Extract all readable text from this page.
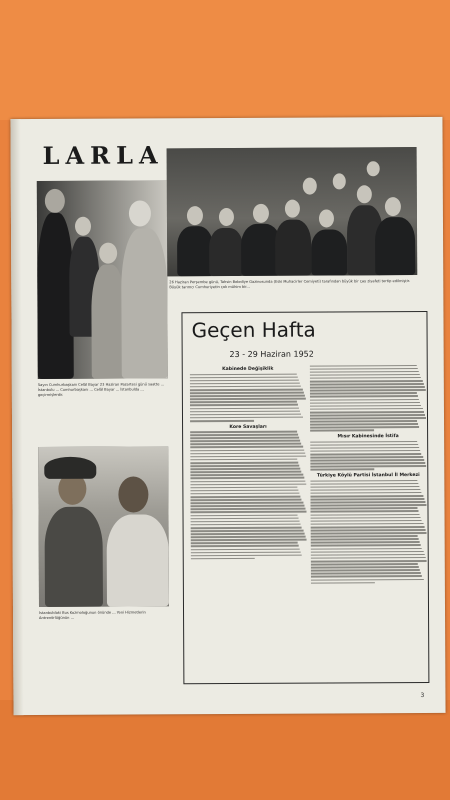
LARLA
26 Haziran Perşembe günü, Tahsin Belediye Gazinosunda (Eski Muhacirler Cemiyeti) tarafından büyük bir çay ziyafeti tertip edilmiştir. Büyük tarımcı Cumhuriyetin çok mühim bir...
Sayın Cumhurbaşkanı Celâl Bayar 23 Haziran Pazartesi günü saatte ... İstanbulu ... Cumhurbaşkanı ... Celâl Bayar ... İstanbulda ... geçirmişlerdir.
İstanbuldaki Bus Kozmoloğunun önünde ... Yeni Hizmetlerin Antrenörlüğünün ...
Geçen Hafta
23 - 29 Haziran 1952
Kabinede Değişiklik
Kore Savaşları
Mısır Kabinesinde İstifa
Türkiye Köylü Partisi İstanbul İl Merkezi
3
